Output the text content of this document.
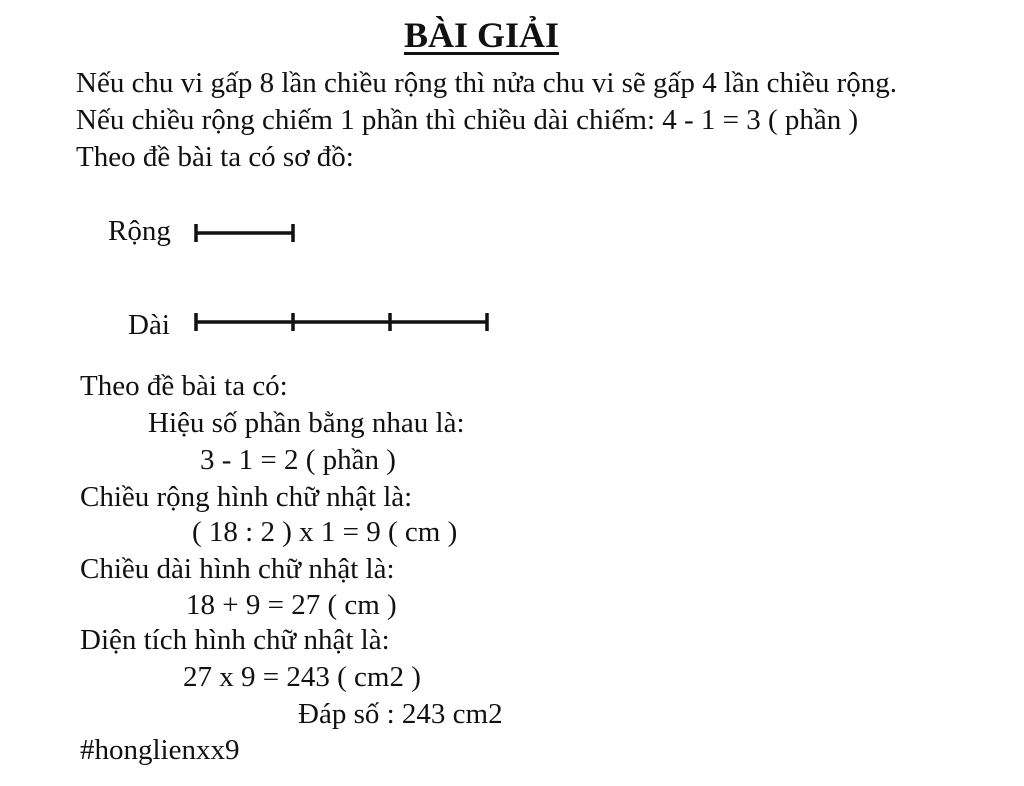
BÀI GIẢI

Nếu chu vi gấp 8 lần chiều rộng thì nửa chu vi sẽ gấp 4 lần chiều rộng.

Nếu chiều rộng chiếm 1 phần thì chiều dài chiếm: 4 - 1 = 3 ( phần )

Theo đề bài ta có sơ đồ:

Rộng

Dài

Theo đề bài ta có:

Hiệu số phần bằng nhau là:

3 - 1 = 2 ( phần )

Chiều rộng hình chữ nhật là:

( 18 : 2 ) x 1 = 9 ( cm )

Chiều dài hình chữ nhật là:

18 + 9 = 27 ( cm )

Diện tích hình chữ nhật là:

27 x 9 = 243 ( cm2 )

Đáp số : 243 cm2

#honglienxx9
